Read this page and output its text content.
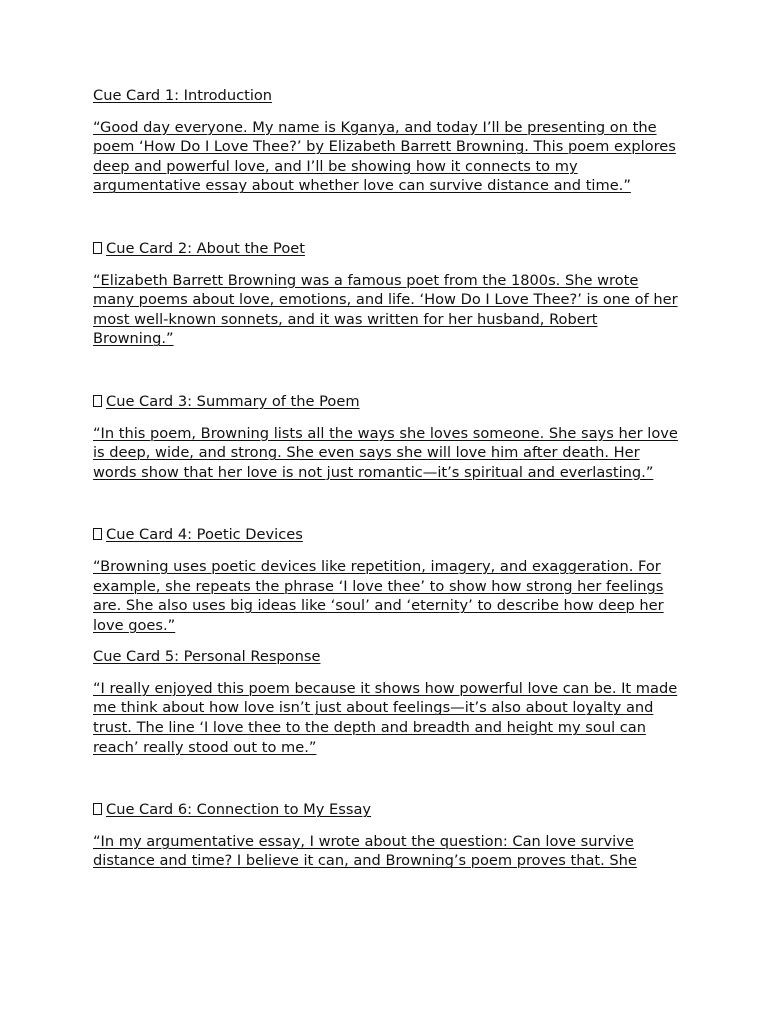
Cue Card 1: Introduction

“Good day everyone. My name is Kganya, and today I’ll be presenting on the poem ‘How Do I Love Thee?’ by Elizabeth Barrett Browning. This poem explores deep and powerful love, and I’ll be showing how it connects to my argumentative essay about whether love can survive distance and time.”

Cue Card 2: About the Poet

“Elizabeth Barrett Browning was a famous poet from the 1800s. She wrote many poems about love, emotions, and life. ‘How Do I Love Thee?’ is one of her most well-known sonnets, and it was written for her husband, Robert Browning.”

Cue Card 3: Summary of the Poem

“In this poem, Browning lists all the ways she loves someone. She says her love is deep, wide, and strong. She even says she will love him after death. Her words show that her love is not just romantic—it’s spiritual and everlasting.”

Cue Card 4: Poetic Devices

“Browning uses poetic devices like repetition, imagery, and exaggeration. For example, she repeats the phrase ‘I love thee’ to show how strong her feelings are. She also uses big ideas like ‘soul’ and ‘eternity’ to describe how deep her love goes.”

Cue Card 5: Personal Response

“I really enjoyed this poem because it shows how powerful love can be. It made me think about how love isn’t just about feelings—it’s also about loyalty and trust. The line ‘I love thee to the depth and breadth and height my soul can reach’ really stood out to me.”

Cue Card 6: Connection to My Essay

“In my argumentative essay, I wrote about the question: Can love survive distance and time? I believe it can, and Browning’s poem proves that. She
